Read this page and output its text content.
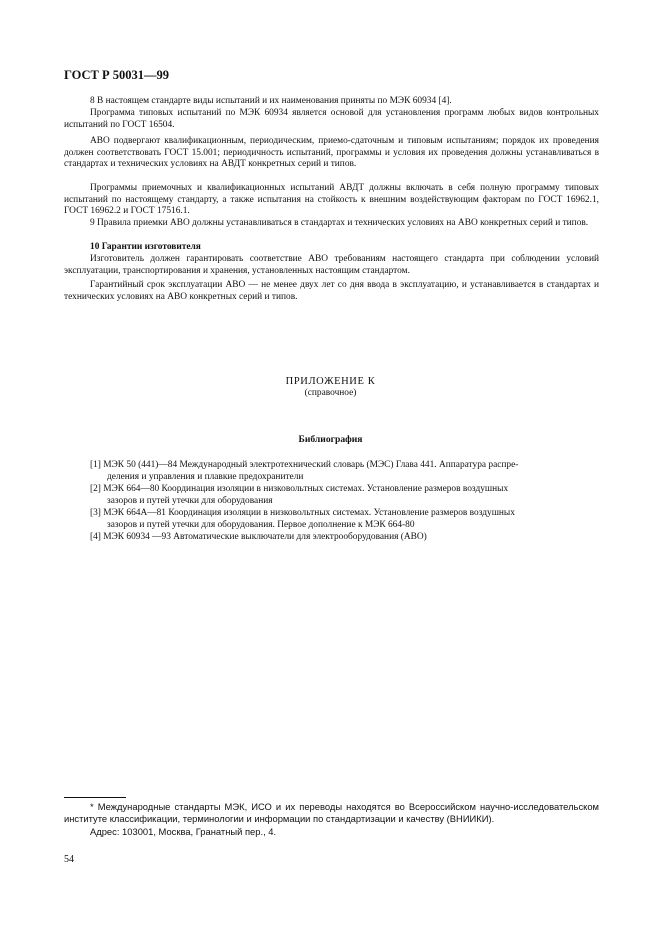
ГОСТ Р 50031—99

8 В настоящем стандарте виды испытаний и их наименования приняты по МЭК 60934 [4].

Программа типовых испытаний по МЭК 60934 является основой для установления программ любых видов контрольных испытаний по ГОСТ 16504.

АВО подвергают квалификационным, периодическим, приемо-сдаточным и типовым испытаниям; порядок их проведения должен соответствовать ГОСТ 15.001; периодичность испытаний, программы и условия их проведения должны устанавливаться в стандартах и технических условиях на АВДТ конкретных серий и типов.

Программы приемочных и квалификационных испытаний АВДТ должны включать в себя полную программу типовых испытаний по настоящему стандарту, а также испытания на стойкость к внешним воздействующим факторам по ГОСТ 16962.1, ГОСТ 16962.2 и ГОСТ 17516.1.

9 Правила приемки АВО должны устанавливаться в стандартах и технических условиях на АВО конкретных серий и типов.

10 Гарантии изготовителя

Изготовитель должен гарантировать соответствие АВО требованиям настоящего стандарта при соблюдении условий эксплуатации, транспортирования и хранения, установленных настоящим стандартом.

Гарантийный срок эксплуатации АВО — не менее двух лет со дня ввода в эксплуатацию, и устанавливается в стандартах и технических условиях на АВО конкретных серий и типов.

ПРИЛОЖЕНИЕ К
(справочное)
Библиография
[1] МЭК 50 (441)—84 Международный электротехнический словарь (МЭС) Глава 441. Аппаратура распре-
деления и управления и плавкие предохранители
[2] МЭК 664—80 Координация изоляции в низковольтных системах. Установление размеров воздушных
зазоров и путей утечки для оборудования
[3] МЭК 664А—81 Координация изоляции в низковольтных системах. Установление размеров воздушных
зазоров и путей утечки для оборудования. Первое дополнение к МЭК 664-80
[4] МЭК 60934 —93 Автоматические выключатели для электрооборудования (АВО)

* Международные стандарты МЭК, ИСО и их переводы находятся во Всероссийском научно-исследовательском институте классификации, терминологии и информации по стандартизации и качеству (ВНИИКИ).

Адрес: 103001, Москва, Гранатный пер., 4.

54
